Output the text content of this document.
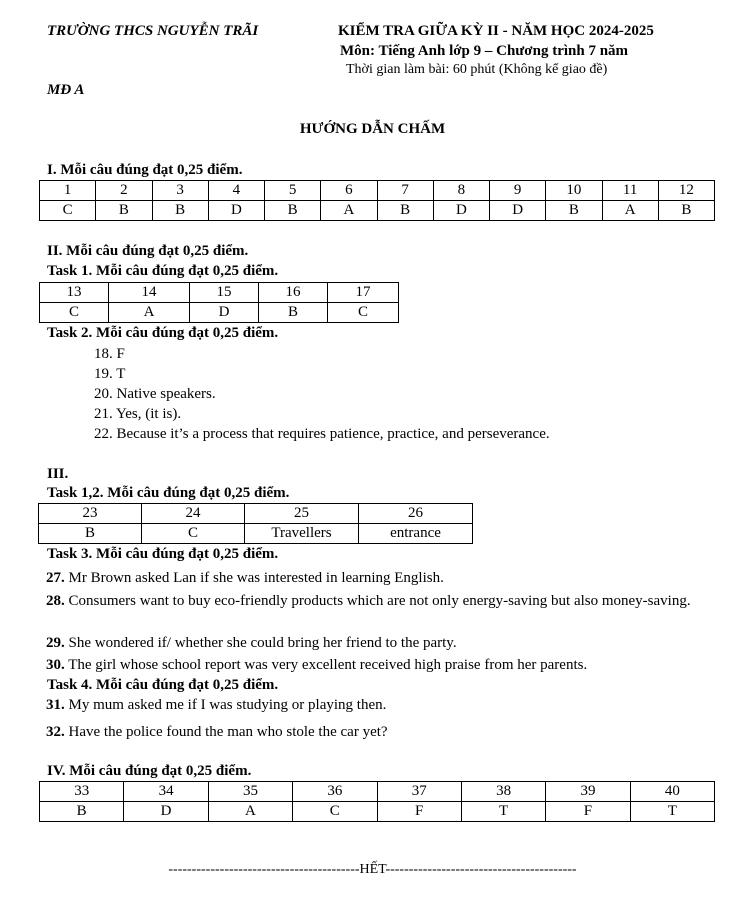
TRƯỜNG THCS NGUYỄN TRÃI	KIỂM TRA GIỮA KỲ II - NĂM HỌC 2024-2025
Môn: Tiếng Anh lớp 9 – Chương trình 7 năm
Thời gian làm bài: 60 phút (Không kể giao đề)
MĐ A
HƯỚNG DẪN CHẤM
I. Mỗi câu đúng đạt 0,25 điểm.
1	2	3	4	5	6	7	8	9	10	11	12
C	B	B	D	B	A	B	D	D	B	A	B
II. Mỗi câu đúng đạt 0,25 điểm.
Task 1. Mỗi câu đúng đạt 0,25 điểm.
13	14	15	16	17
C	A	D	B	C
Task 2. Mỗi câu đúng đạt 0,25 điểm.
18. F
19. T
20. Native speakers.
21. Yes, (it is).
22. Because it’s a process that requires patience, practice, and perseverance.
III.
Task 1,2. Mỗi câu đúng đạt 0,25 điểm.
23	24	25	26
B	C	Travellers	entrance
Task 3. Mỗi câu đúng đạt 0,25 điểm.
27. Mr Brown asked Lan if she was interested in learning English.
28. Consumers want to buy eco-friendly products which are not only energy-saving but also money-saving.
29. She wondered if/ whether she could bring her friend to the party.
30. The girl whose school report was very excellent received high praise from her parents.
Task 4. Mỗi câu đúng đạt 0,25 điểm.
31. My mum asked me if I was studying or playing then.
32. Have the police found the man who stole the car yet?
IV. Mỗi câu đúng đạt 0,25 điểm.
33	34	35	36	37	38	39	40
B	D	A	C	F	T	F	T
-----------------------------------------HẾT-----------------------------------------
